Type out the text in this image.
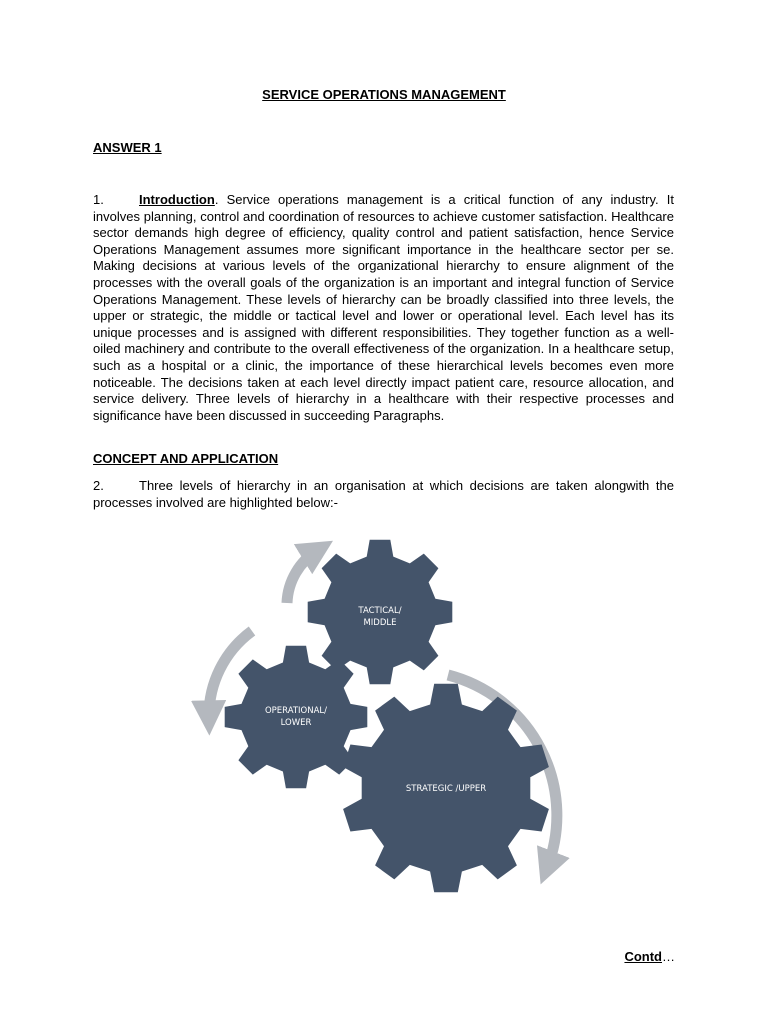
SERVICE OPERATIONS MANAGEMENT
ANSWER 1
1.	Introduction. Service operations management is a critical function of any industry. It involves planning, control and coordination of resources to achieve customer satisfaction. Healthcare sector demands high degree of efficiency, quality control and patient satisfaction, hence Service Operations Management assumes more significant importance in the healthcare sector per se. Making decisions at various levels of the organizational hierarchy to ensure alignment of the processes with the overall goals of the organization is an important and integral function of Service Operations Management. These levels of hierarchy can be broadly classified into three levels, the upper or strategic, the middle or tactical level and lower or operational level. Each level has its unique processes and is assigned with different responsibilities. They together function as a well-oiled machinery and contribute to the overall effectiveness of the organization. In a healthcare setup, such as a hospital or a clinic, the importance of these hierarchical levels becomes even more noticeable. The decisions taken at each level directly impact patient care, resource allocation, and service delivery. Three levels of hierarchy in a healthcare with their respective processes and significance have been discussed in succeeding Paragraphs.
CONCEPT AND APPLICATION
2.	Three levels of hierarchy in an organisation at which decisions are taken alongwith the processes involved are highlighted below:-
TACTICAL/
MIDDLE
OPERATIONAL/
LOWER
STRATEGIC /UPPER
Contd…
